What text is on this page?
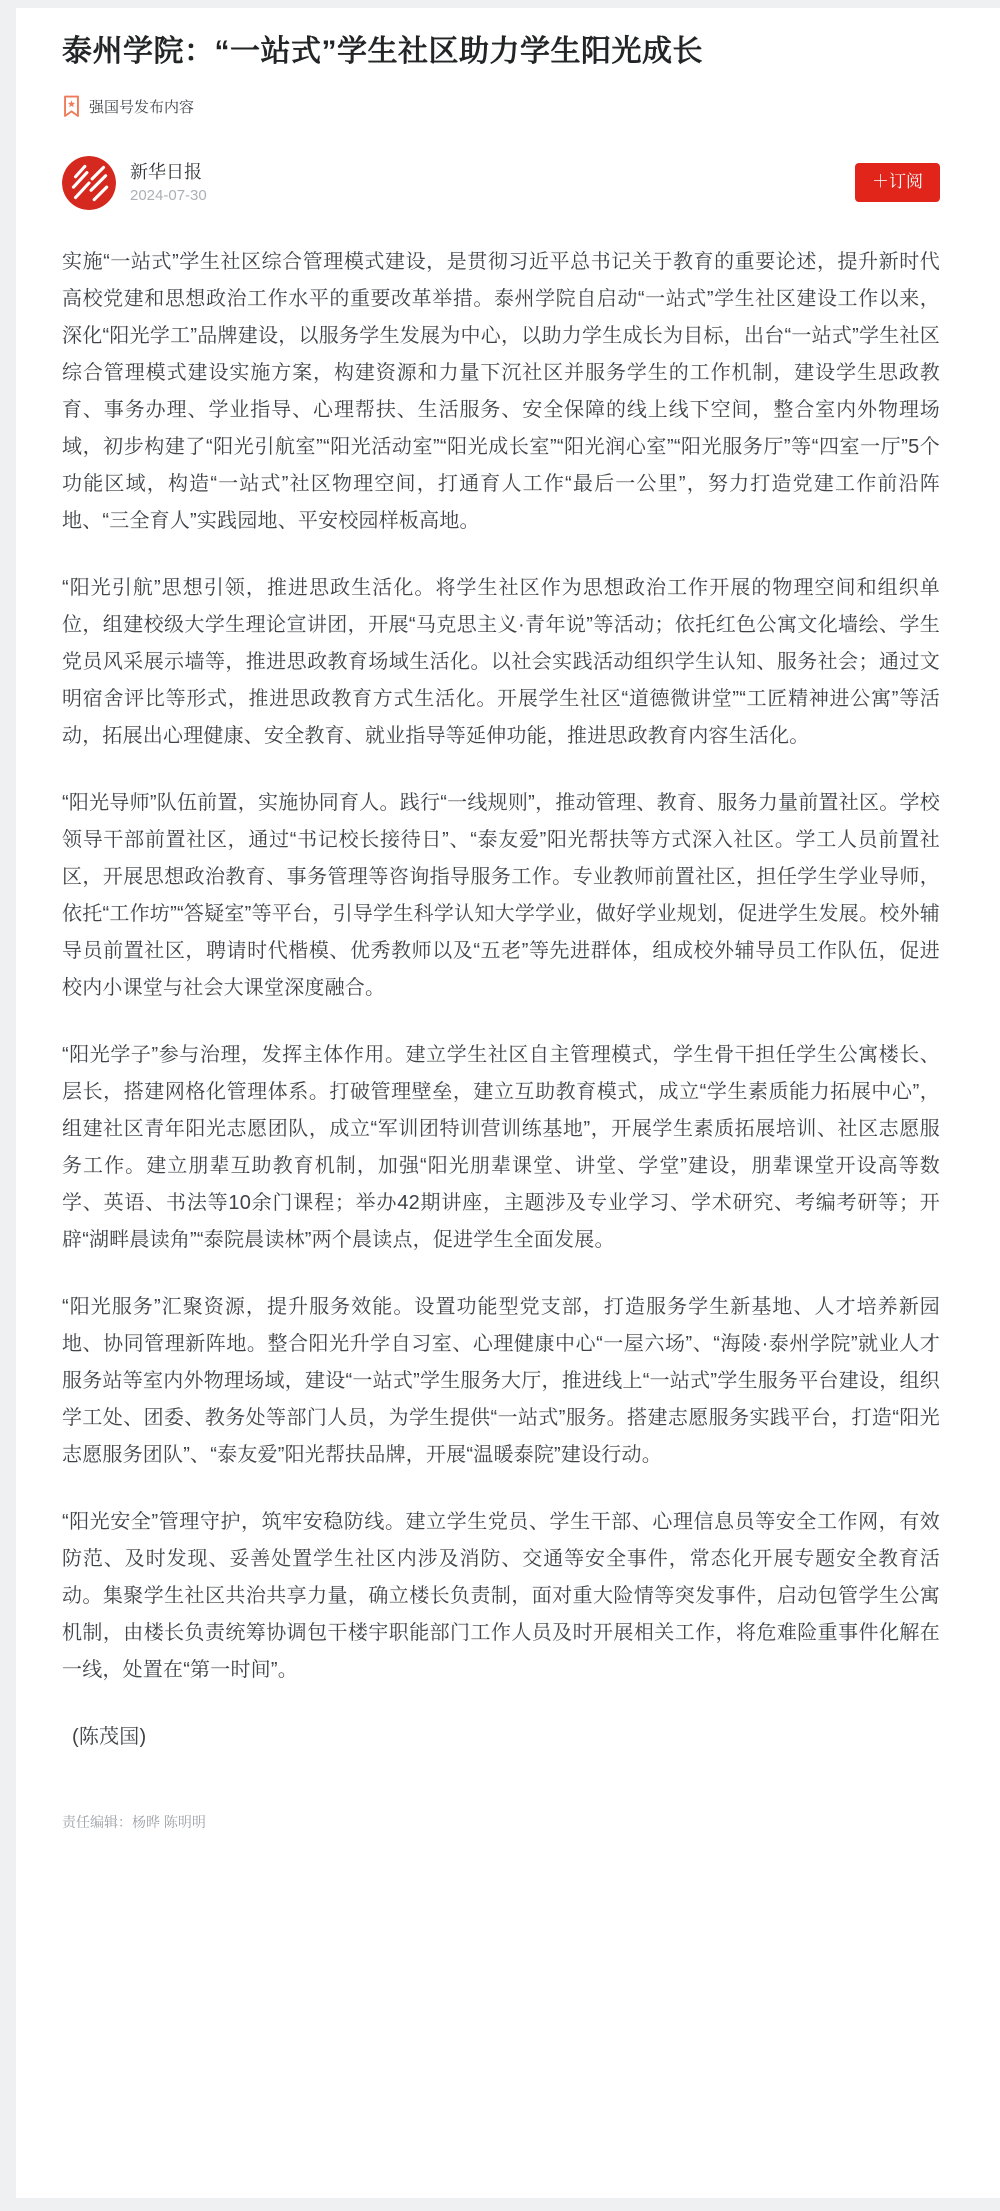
泰州学院：“一站式”学生社区助力学生阳光成长
强国号发布内容
新华日报
2024-07-30
＋订阅

实施“一站式”学生社区综合管理模式建设，是贯彻习近平总书记关于教育的重要论述，提升新时代高校党建和思想政治工作水平的重要改革举措。泰州学院自启动“一站式”学生社区建设工作以来，深化“阳光学工”品牌建设，以服务学生发展为中心，以助力学生成长为目标，出台“一站式”学生社区综合管理模式建设实施方案，构建资源和力量下沉社区并服务学生的工作机制，建设学生思政教育、事务办理、学业指导、心理帮扶、生活服务、安全保障的线上线下空间，整合室内外物理场域，初步构建了“阳光引航室”“阳光活动室”“阳光成长室”“阳光润心室”“阳光服务厅”等“四室一厅”5个功能区域，构造“一站式”社区物理空间，打通育人工作“最后一公里”，努力打造党建工作前沿阵地、“三全育人”实践园地、平安校园样板高地。

“阳光引航”思想引领，推进思政生活化。将学生社区作为思想政治工作开展的物理空间和组织单位，组建校级大学生理论宣讲团，开展“马克思主义·青年说”等活动；依托红色公寓文化墙绘、学生党员风采展示墙等，推进思政教育场域生活化。以社会实践活动组织学生认知、服务社会；通过文明宿舍评比等形式，推进思政教育方式生活化。开展学生社区“道德微讲堂”“工匠精神进公寓”等活动，拓展出心理健康、安全教育、就业指导等延伸功能，推进思政教育内容生活化。

“阳光导师”队伍前置，实施协同育人。践行“一线规则”，推动管理、教育、服务力量前置社区。学校领导干部前置社区，通过“书记校长接待日”、“泰友爱”阳光帮扶等方式深入社区。学工人员前置社区，开展思想政治教育、事务管理等咨询指导服务工作。专业教师前置社区，担任学生学业导师，依托“工作坊”“答疑室”等平台，引导学生科学认知大学学业，做好学业规划，促进学生发展。校外辅导员前置社区，聘请时代楷模、优秀教师以及“五老”等先进群体，组成校外辅导员工作队伍，促进校内小课堂与社会大课堂深度融合。

“阳光学子”参与治理，发挥主体作用。建立学生社区自主管理模式，学生骨干担任学生公寓楼长、层长，搭建网格化管理体系。打破管理壁垒，建立互助教育模式，成立“学生素质能力拓展中心”，组建社区青年阳光志愿团队，成立“军训团特训营训练基地”，开展学生素质拓展培训、社区志愿服务工作。建立朋辈互助教育机制，加强“阳光朋辈课堂、讲堂、学堂”建设，朋辈课堂开设高等数学、英语、书法等10余门课程；举办42期讲座，主题涉及专业学习、学术研究、考编考研等；开辟“湖畔晨读角”“泰院晨读林”两个晨读点，促进学生全面发展。

“阳光服务”汇聚资源，提升服务效能。设置功能型党支部，打造服务学生新基地、人才培养新园地、协同管理新阵地。整合阳光升学自习室、心理健康中心“一屋六场”、“海陵·泰州学院”就业人才服务站等室内外物理场域，建设“一站式”学生服务大厅，推进线上“一站式”学生服务平台建设，组织学工处、团委、教务处等部门人员，为学生提供“一站式”服务。搭建志愿服务实践平台，打造“阳光志愿服务团队”、“泰友爱”阳光帮扶品牌，开展“温暖泰院”建设行动。

“阳光安全”管理守护，筑牢安稳防线。建立学生党员、学生干部、心理信息员等安全工作网，有效防范、及时发现、妥善处置学生社区内涉及消防、交通等安全事件，常态化开展专题安全教育活动。集聚学生社区共治共享力量，确立楼长负责制，面对重大险情等突发事件，启动包管学生公寓机制，由楼长负责统筹协调包干楼宇职能部门工作人员及时开展相关工作，将危难险重事件化解在一线，处置在“第一时间”。

(陈茂国)

责任编辑：杨晔 陈明明
